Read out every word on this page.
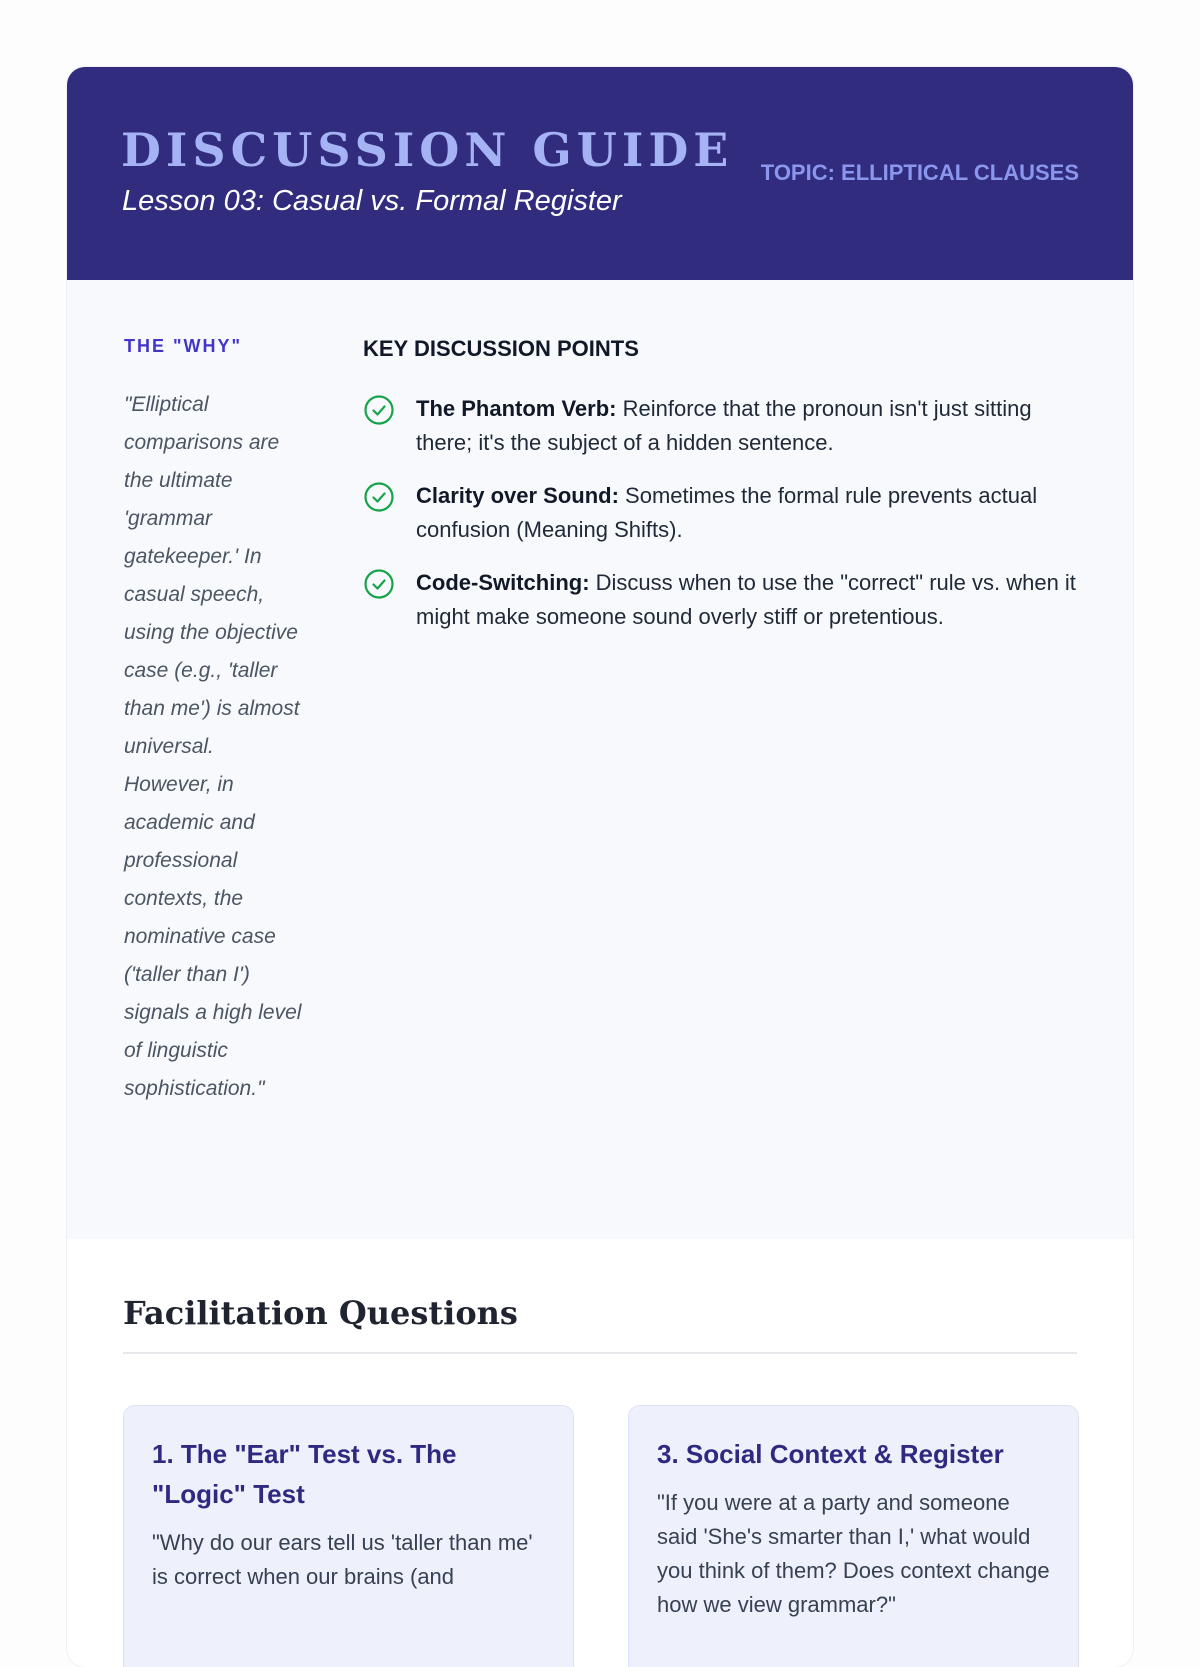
DISCUSSION GUIDE

Lesson 03: Casual vs. Formal Register

TOPIC: ELLIPTICAL CLAUSES
THE "WHY"

"Elliptical comparisons are the ultimate 'grammar gatekeeper.' In casual speech, using the objective case (e.g., 'taller than me') is almost universal. However, in academic and professional contexts, the nominative case ('taller than I') signals a high level of linguistic sophistication."

KEY DISCUSSION POINTS
The Phantom Verb: Reinforce that the pronoun isn't just sitting there; it's the subject of a hidden sentence.
Clarity over Sound: Sometimes the formal rule prevents actual confusion (Meaning Shifts).
Code-Switching: Discuss when to use the "correct" rule vs. when it might make someone sound overly stiff or pretentious.
Facilitation Questions
1. The "Ear" Test vs. The "Logic" Test
"Why do our ears tell us 'taller than me' is correct when our brains (and
3. Social Context & Register
"If you were at a party and someone said 'She's smarter than I,' what would you think of them? Does context change how we view grammar?"
